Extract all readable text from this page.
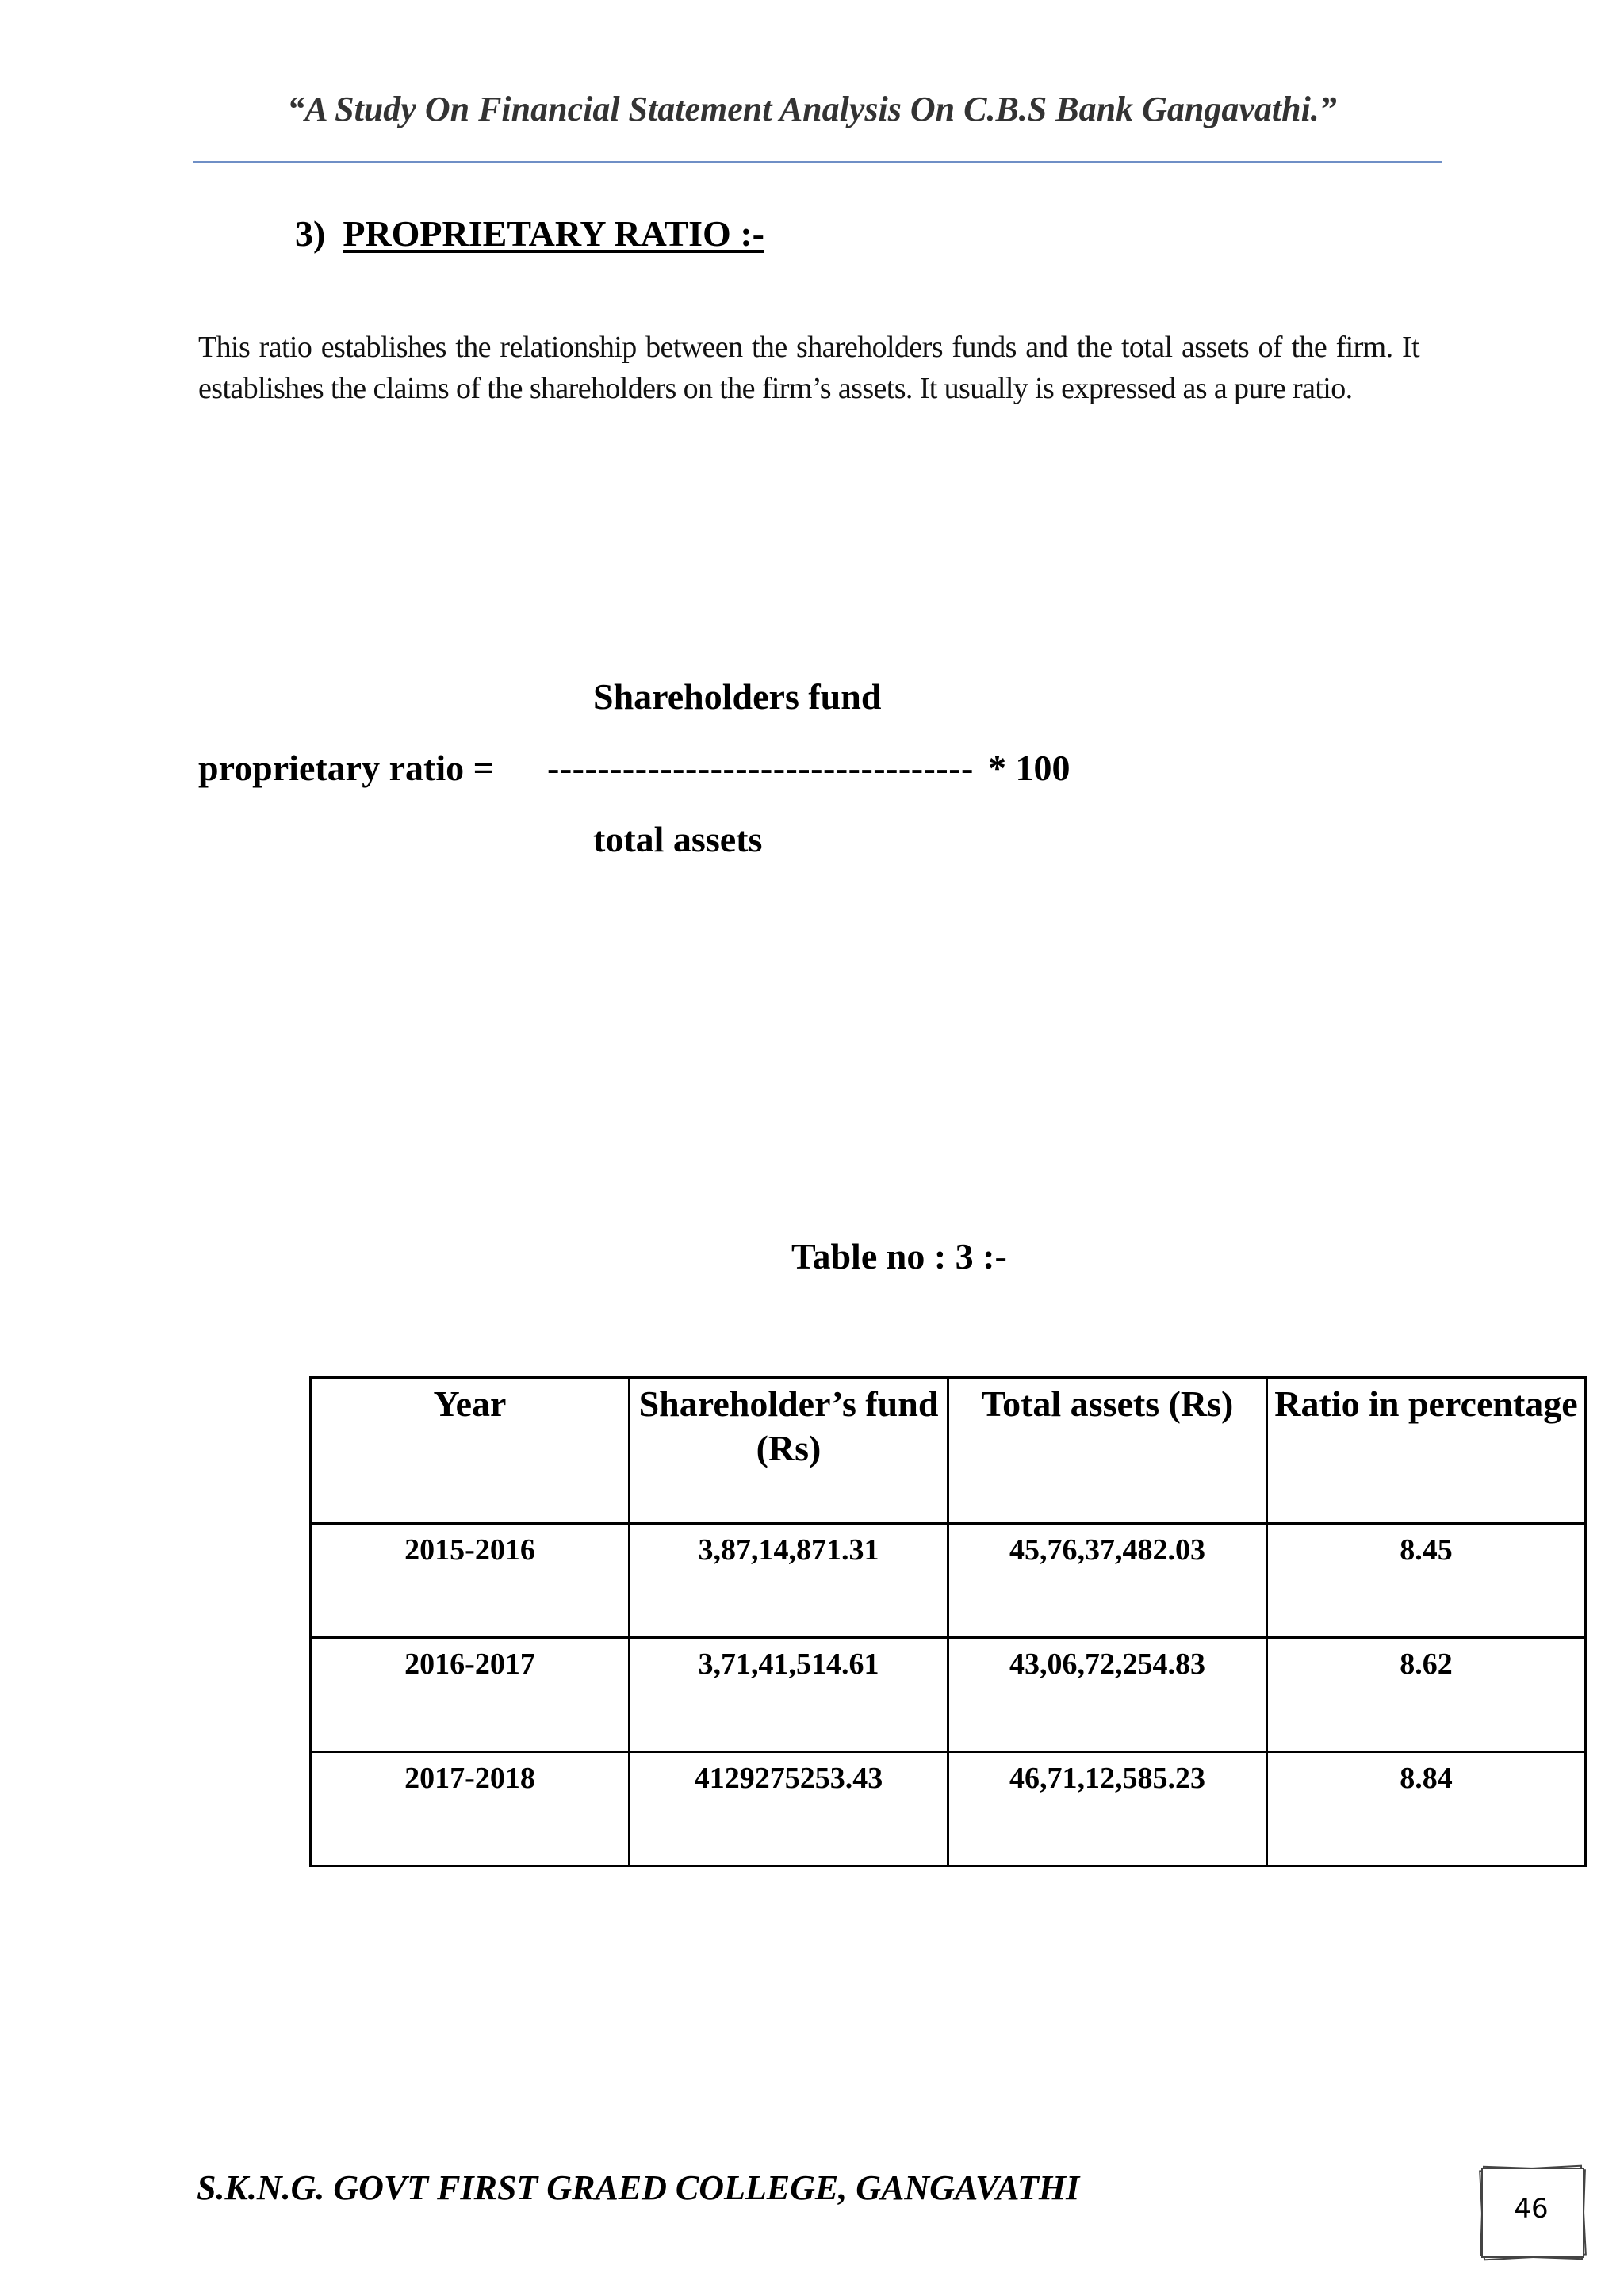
“A Study On Financial Statement Analysis On C.B.S Bank Gangavathi.”
3) PROPRIETARY RATIO :-
This ratio establishes the relationship between the shareholders funds and the total assets of the firm. It establishes the claims of the shareholders on the firm’s assets. It usually is expressed as a pure ratio.
Shareholders fund
proprietary ratio = ---------------------------------- * 100
total assets
Table no : 3 :-
Year	Shareholder’s fund (Rs)	Total assets (Rs)	Ratio in percentage
2015-2016	3,87,14,871.31	45,76,37,482.03	8.45
2016-2017	3,71,41,514.61	43,06,72,254.83	8.62
2017-2018	4129275253.43	46,71,12,585.23	8.84
S.K.N.G. GOVT FIRST GRAED COLLEGE, GANGAVATHI
46
